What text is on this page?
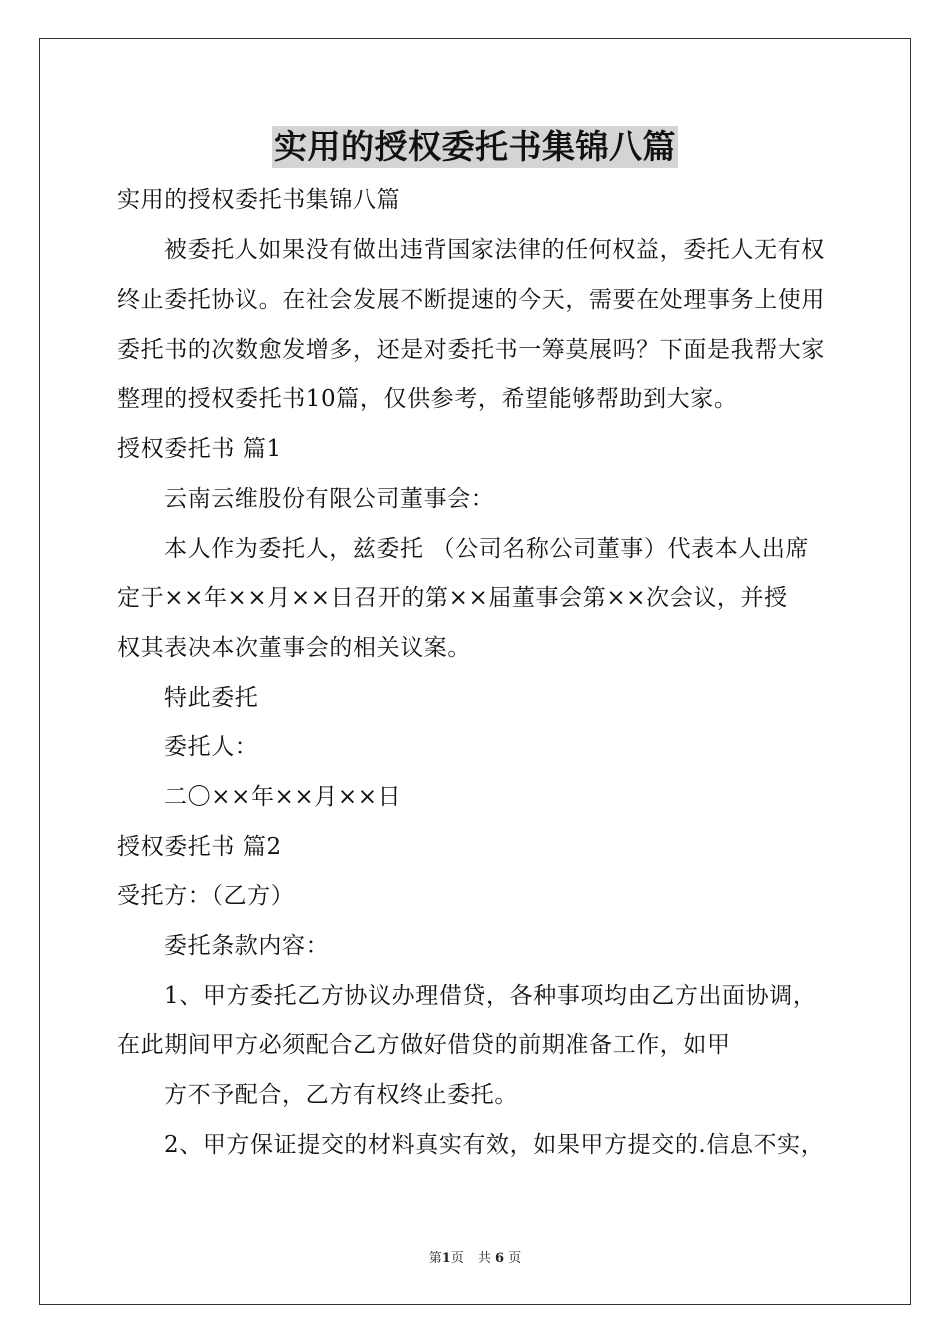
实用的授权委托书集锦八篇
实用的授权委托书集锦八篇
被委托人如果没有做出违背国家法律的任何权益，委托人无有权
终止委托协议。在社会发展不断提速的今天，需要在处理事务上使用
委托书的次数愈发增多，还是对委托书一筹莫展吗？下面是我帮大家
整理的授权委托书10篇，仅供参考，希望能够帮助到大家。
授权委托书 篇1
云南云维股份有限公司董事会：
本人作为委托人，兹委托 （公司名称公司董事）代表本人出席
定于××年××月××日召开的第××届董事会第××次会议，并授
权其表决本次董事会的相关议案。
特此委托
委托人：
二〇××年××月××日
授权委托书 篇2
受托方：（乙方）
委托条款内容：
1、甲方委托乙方协议办理借贷，各种事项均由乙方出面协调，
在此期间甲方必须配合乙方做好借贷的前期准备工作，如甲
方不予配合，乙方有权终止委托。
2、甲方保证提交的材料真实有效，如果甲方提交的.信息不实，
第1页 共 6 页
